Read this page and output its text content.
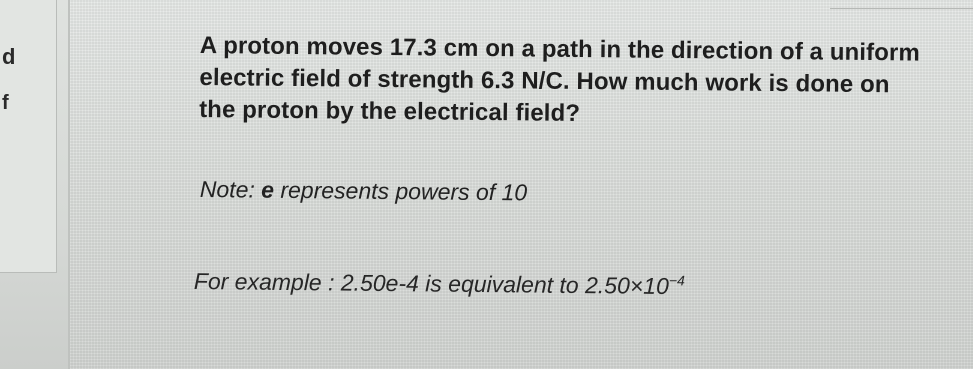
d
f
A proton moves 17.3 cm on a path in the direction of a uniform
electric field of strength 6.3 N/C. How much work is done on
the proton by the electrical field?
Note: e represents powers of 10
For example : 2.50e-4 is equivalent to $2.50\times 10^{-4}$
